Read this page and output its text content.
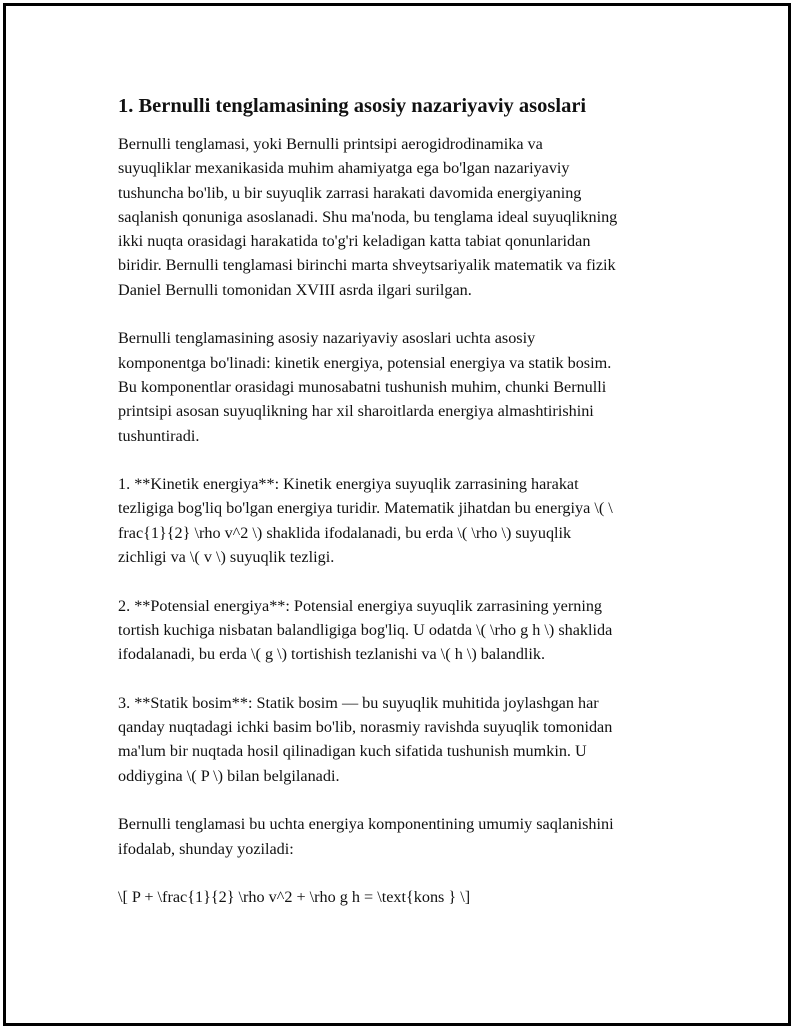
1. Bernulli tenglamasining asosiy nazariyaviy asoslari
Bernulli tenglamasi, yoki Bernulli printsipi aerogidrodinamika va
suyuqliklar mexanikasida muhim ahamiyatga ega bo'lgan nazariyaviy
tushuncha bo'lib, u bir suyuqlik zarrasi harakati davomida energiyaning
saqlanish qonuniga asoslanadi. Shu ma'noda, bu tenglama ideal suyuqlikning
ikki nuqta orasidagi harakatida to'g'ri keladigan katta tabiat qonunlaridan
biridir. Bernulli tenglamasi birinchi marta shveytsariyalik matematik va fizik
Daniel Bernulli tomonidan XVIII asrda ilgari surilgan.
Bernulli tenglamasining asosiy nazariyaviy asoslari uchta asosiy
komponentga bo'linadi: kinetik energiya, potensial energiya va statik bosim.
Bu komponentlar orasidagi munosabatni tushunish muhim, chunki Bernulli
printsipi asosan suyuqlikning har xil sharoitlarda energiya almashtirishini
tushuntiradi.
1. **Kinetik energiya**: Kinetik energiya suyuqlik zarrasining harakat
tezligiga bog'liq bo'lgan energiya turidir. Matematik jihatdan bu energiya \( \
frac{1}{2} \rho v^2 \) shaklida ifodalanadi, bu erda \( \rho \) suyuqlik
zichligi va \( v \) suyuqlik tezligi.
2. **Potensial energiya**: Potensial energiya suyuqlik zarrasining yerning
tortish kuchiga nisbatan balandligiga bog'liq. U odatda \( \rho g h \) shaklida
ifodalanadi, bu erda \( g \) tortishish tezlanishi va \( h \) balandlik.
3. **Statik bosim**: Statik bosim — bu suyuqlik muhitida joylashgan har
qanday nuqtadagi ichki basim bo'lib, norasmiy ravishda suyuqlik tomonidan
ma'lum bir nuqtada hosil qilinadigan kuch sifatida tushunish mumkin. U
oddiygina \( P \) bilan belgilanadi.
Bernulli tenglamasi bu uchta energiya komponentining umumiy saqlanishini
ifodalab, shunday yoziladi:
\[ P + \frac{1}{2} \rho v^2 + \rho g h = \text{kons } \]
